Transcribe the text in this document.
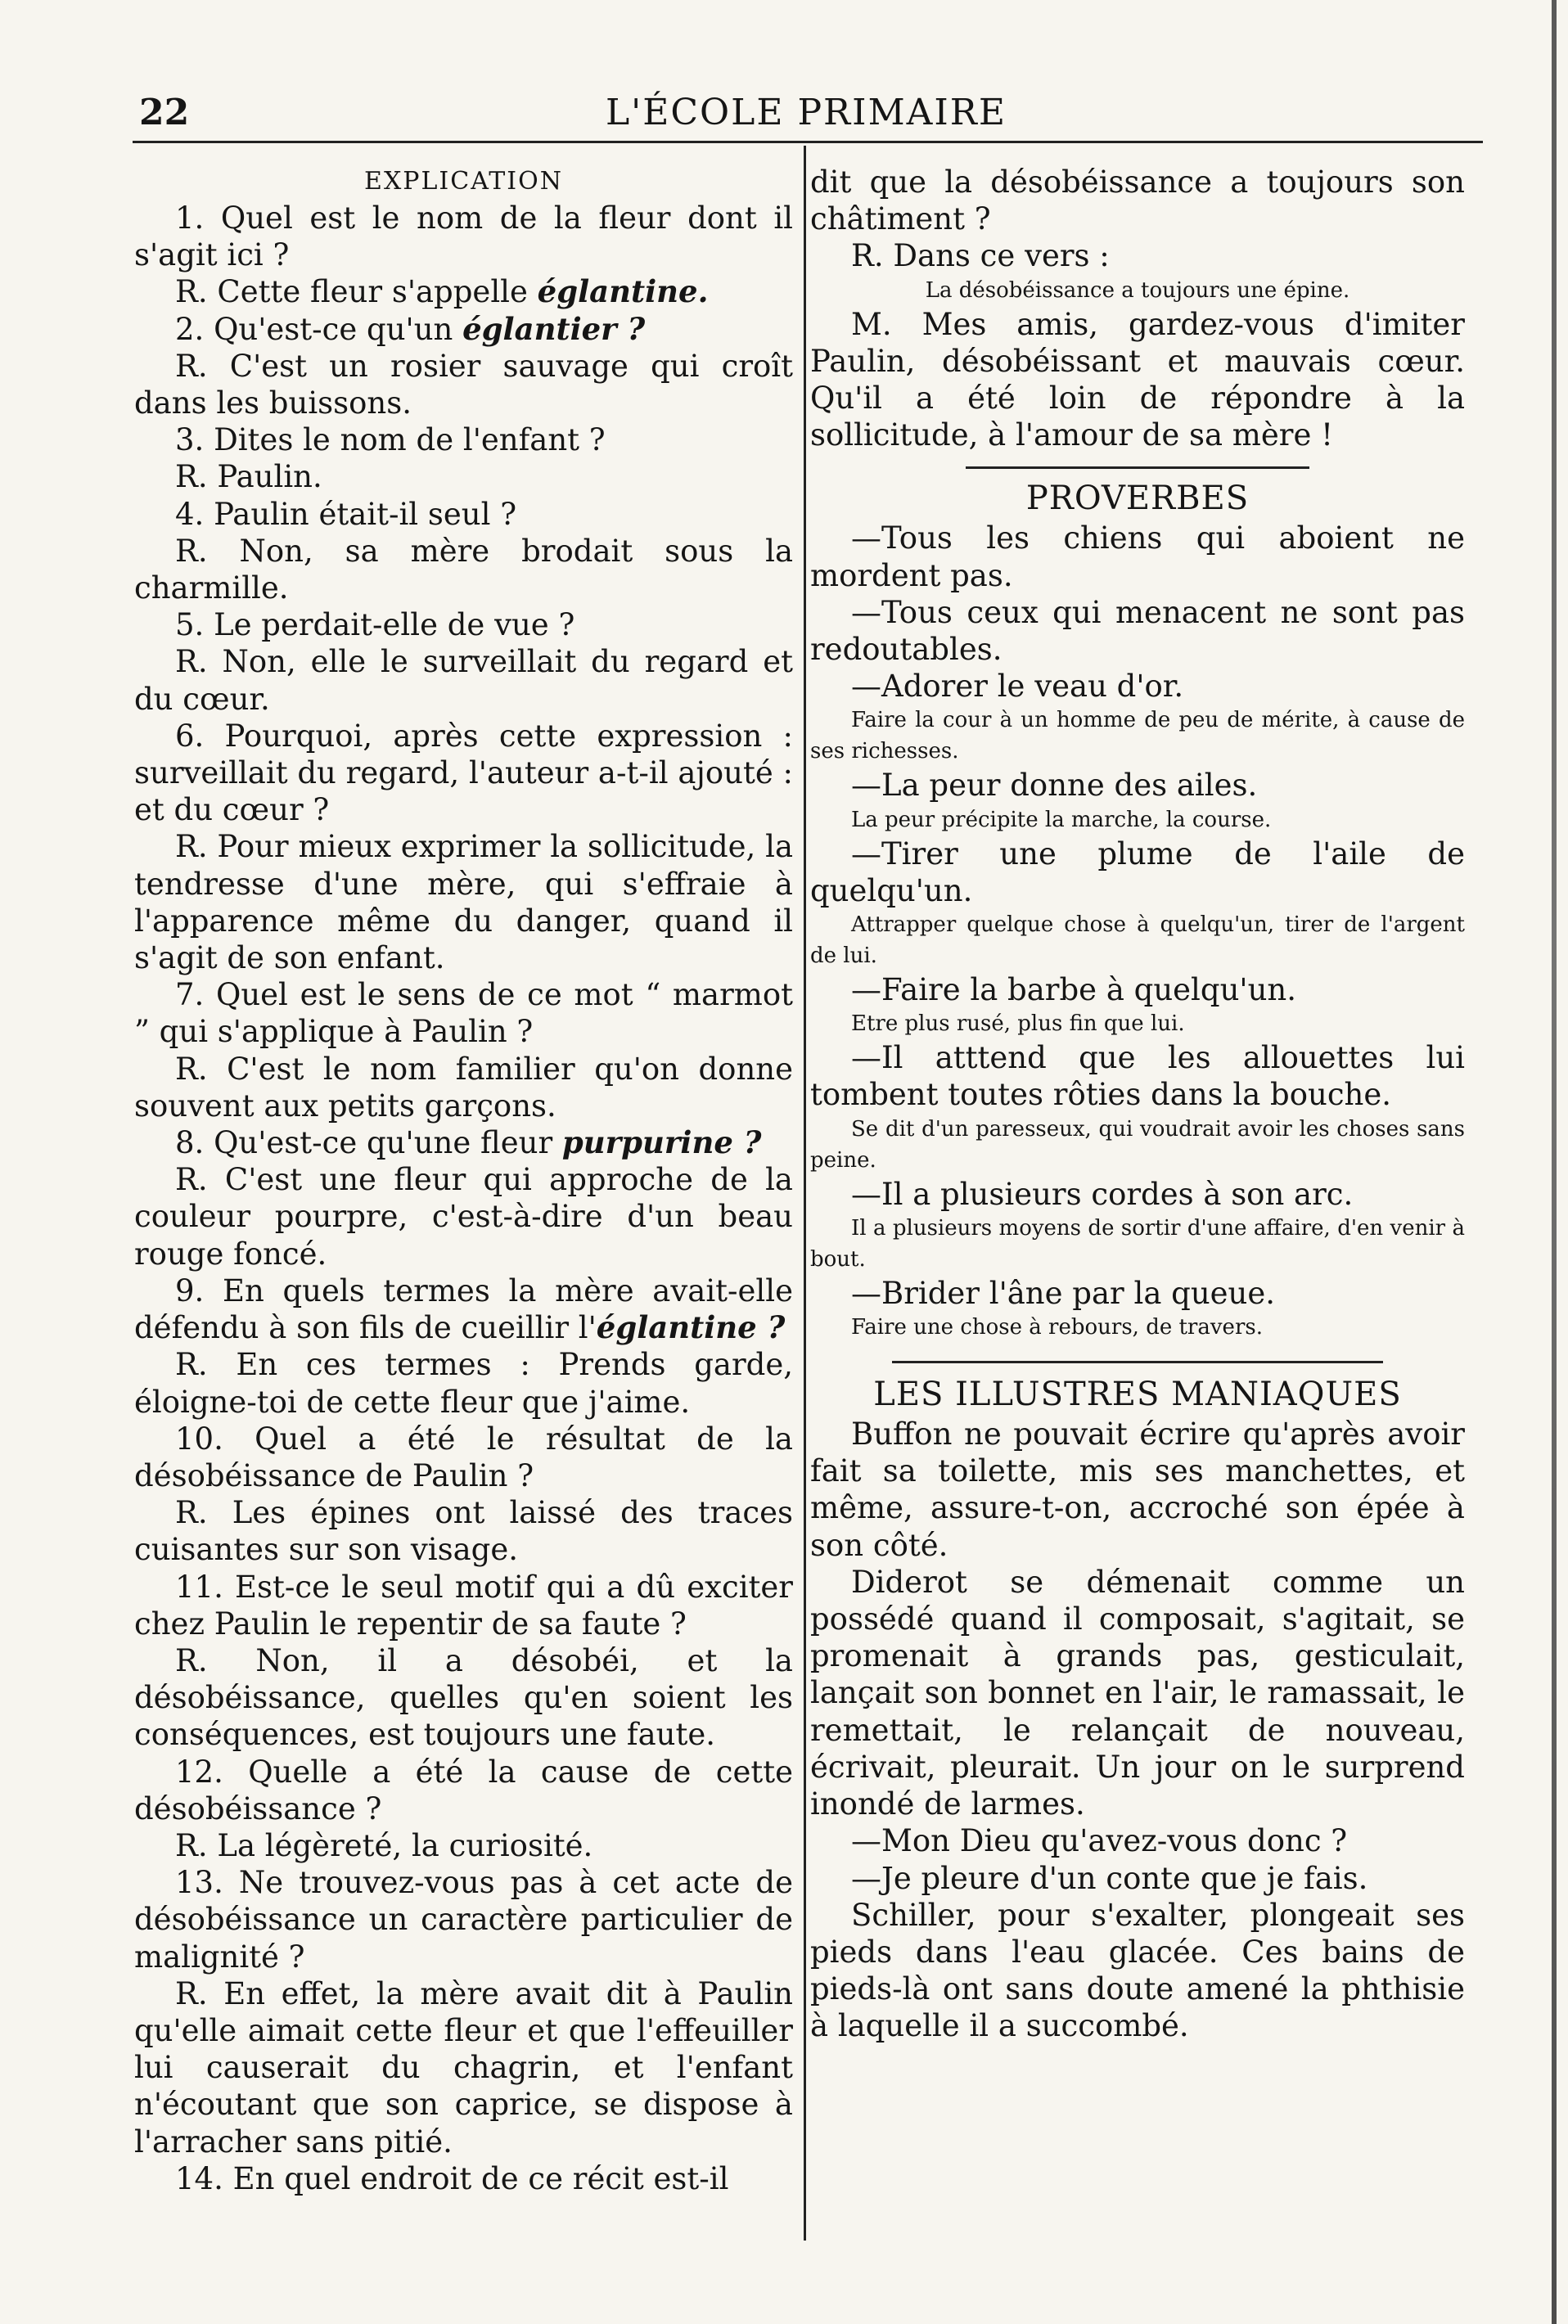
22	L'ÉCOLE PRIMAIRE
EXPLICATION

1. Quel est le nom de la fleur dont il s'agit ici ?

R. Cette fleur s'appelle églantine.

2. Qu'est-ce qu'un églantier ?

R. C'est un rosier sauvage qui croît dans les buissons.

3. Dites le nom de l'enfant ?

R. Paulin.

4. Paulin était-il seul ?

R. Non, sa mère brodait sous la charmille.

5. Le perdait-elle de vue ?

R. Non, elle le surveillait du regard et du cœur.

6. Pourquoi, après cette expression : surveillait du regard, l'auteur a-t-il ajouté : et du cœur ?

R. Pour mieux exprimer la sollicitude, la tendresse d'une mère, qui s'effraie à l'apparence même du danger, quand il s'agit de son enfant.

7. Quel est le sens de ce mot “ marmot ” qui s'applique à Paulin ?

R. C'est le nom familier qu'on donne souvent aux petits garçons.

8. Qu'est-ce qu'une fleur purpurine ?

R. C'est une fleur qui approche de la couleur pourpre, c'est-à-dire d'un beau rouge foncé.

9. En quels termes la mère avait-elle défendu à son fils de cueillir l'églantine ?

R. En ces termes : Prends garde, éloigne-toi de cette fleur que j'aime.

10. Quel a été le résultat de la désobéissance de Paulin ?

R. Les épines ont laissé des traces cuisantes sur son visage.

11. Est-ce le seul motif qui a dû exciter chez Paulin le repentir de sa faute ?

R. Non, il a désobéi, et la désobéissance, quelles qu'en soient les conséquences, est toujours une faute.

12. Quelle a été la cause de cette désobéissance ?

R. La légèreté, la curiosité.

13. Ne trouvez-vous pas à cet acte de désobéissance un caractère particulier de malignité ?

R. En effet, la mère avait dit à Paulin qu'elle aimait cette fleur et que l'effeuiller lui causerait du chagrin, et l'enfant n'écoutant que son caprice, se dispose à l'arracher sans pitié.

14. En quel endroit de ce récit est-il

dit que la désobéissance a toujours son châtiment ?

R. Dans ce vers :

La désobéissance a toujours une épine.

M. Mes amis, gardez-vous d'imiter Paulin, désobéissant et mauvais cœur. Qu'il a été loin de répondre à la sollicitude, à l'amour de sa mère !

PROVERBES

—Tous les chiens qui aboient ne mordent pas.

—Tous ceux qui menacent ne sont pas redoutables.

—Adorer le veau d'or.

Faire la cour à un homme de peu de mérite, à cause de ses richesses.

—La peur donne des ailes.

La peur précipite la marche, la course.

—Tirer une plume de l'aile de quelqu'un.

Attrapper quelque chose à quelqu'un, tirer de l'argent de lui.

—Faire la barbe à quelqu'un.

Etre plus rusé, plus fin que lui.

—Il atttend que les allouettes lui tombent toutes rôties dans la bouche.

Se dit d'un paresseux, qui voudrait avoir les choses sans peine.

—Il a plusieurs cordes à son arc.

Il a plusieurs moyens de sortir d'une affaire, d'en venir à bout.

—Brider l'âne par la queue.

Faire une chose à rebours, de travers.

LES ILLUSTRES MANIAQUES

Buffon ne pouvait écrire qu'après avoir fait sa toilette, mis ses manchettes, et même, assure-t-on, accroché son épée à son côté.

Diderot se démenait comme un possédé quand il composait, s'agitait, se promenait à grands pas, gesticulait, lançait son bonnet en l'air, le ramassait, le remettait, le relançait de nouveau, écrivait, pleurait. Un jour on le surprend inondé de larmes.

—Mon Dieu qu'avez-vous donc ?

—Je pleure d'un conte que je fais.

Schiller, pour s'exalter, plongeait ses pieds dans l'eau glacée. Ces bains de pieds-là ont sans doute amené la phthisie à laquelle il a succombé.
